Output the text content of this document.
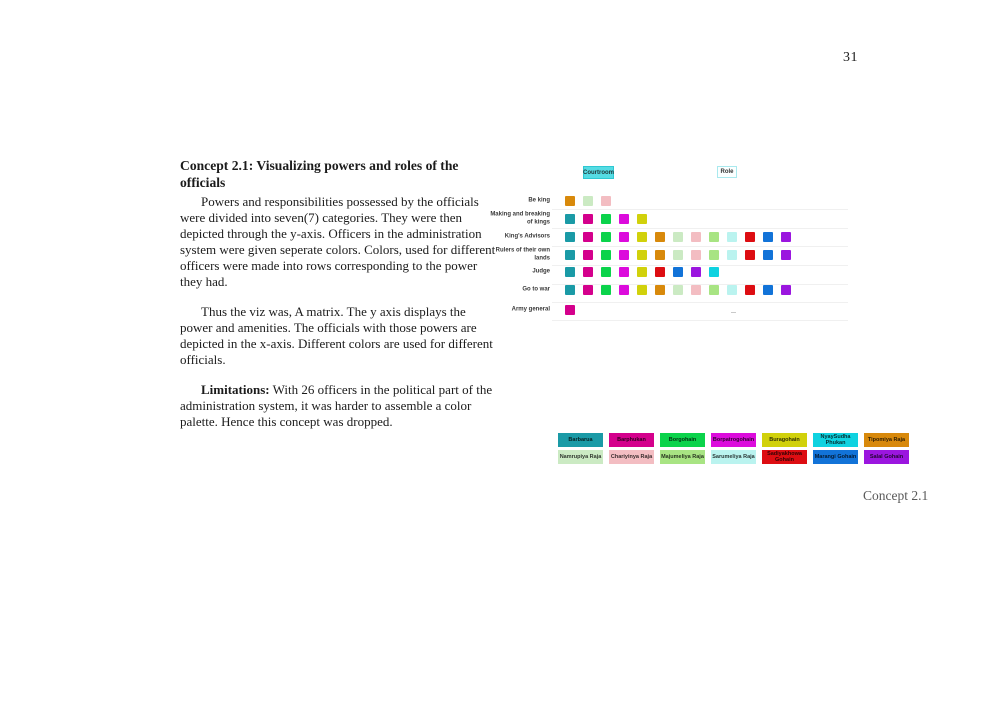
31
Concept 2.1: Visualizing powers and roles of the officials

Powers and responsibilities possessed by the officials were divided into seven(7) categories. They were then depicted through the y-axis. Officers in the administration system were given seperate colors. Colors, used for different officers were made into rows corresponding to the power they had.

Thus the viz was, A matrix. The y axis displays the power and amenities. The officials with those powers are depicted in the x-axis. Different colors are used for different officials.

Limitations: With 26 officers in the political part of the administration system, it was harder to assemble a color palette. Hence this concept was dropped.

Courtroom	Role
Be king
Making and breaking of kings
King's Advisors
Rulers of their own lands
Judge
Go to war
Army general
Barbarua	Barphukan	Borgohain	Borpatrogohain	Buragohain	NyaySudha Phukan	Tipomiya Raja
Namrupiya Raja	Chariyinya Raja	Majumeliya Raja Sarumeliya Raja	Sadiyakhowa Gohain	Marangi Gohain	Salal Gohain
Concept 2.1
